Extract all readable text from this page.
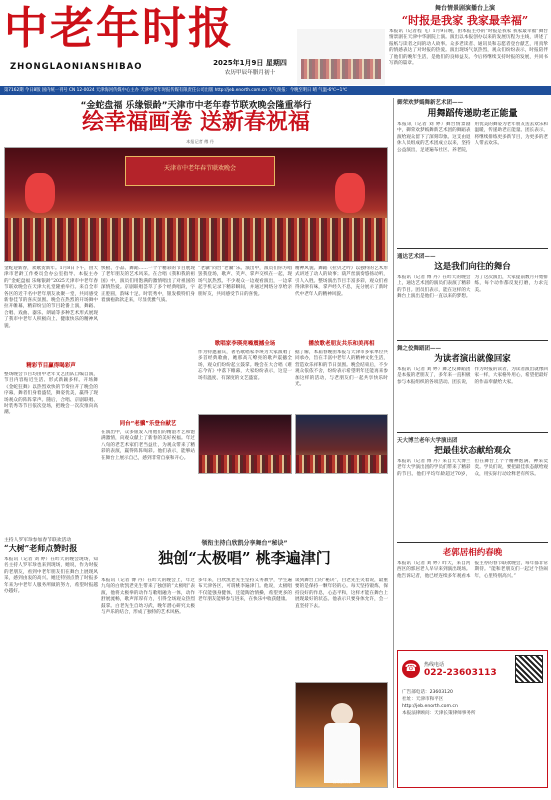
中老年时报
ZHONGLAONIANSHIBAO	2025年1月9日 星期四
农历甲辰年腊月初十
舞台情景剧演播台上演
“时报是我家 我家最幸福”
本报讯（记者程 飞）1月9日晚，由本报主办的“时报是我家 我家最幸福”舞台情景剧在天津中华剧院上演。演出以本报创办以来的发展历程为主线，讲述了报纸与读者之间的动人故事。众多老读者、通讯员和志愿者登台献艺，用真挚的情感表达了对时报的热爱。演出现场气氛热烈，观众们纷纷表示，时报陪伴了他们的晚年生活，是他们的良师益友。今后将继续支持时报的发展，共同书写新的篇章。
第7162期 今日8版 国内统一刊号 CN 12-0024 天津海河传媒中心主办 天津中老年时报传媒有限责任公司出版 http://jeb.enorth.com.cn 天气预报：今晚至明日 晴 气温-6℃~1℃
“金蛇盘福 乐缘银龄”天津市中老年春节联欢晚会隆重举行
绘幸福画卷 送新春祝福
本报记者 傅 丹
天津市中老年春节联欢晚会
金蛇迎新春，欢歌贺新年。1月8日下午，由天津市老龄工作委员会办公室指导、本报主办的“金蛇盘福 乐缘银龄”2025天津市中老年春节联欢晚会在天津大礼堂隆重举行。来自全市各区的近千名中老年朋友欢聚一堂，共同感受新春佳节的喜庆氛围。晚会在热烈的开场舞中拉开帷幕，精彩纷呈的节目轮番上演，舞蹈、合唱、戏曲、器乐、朗诵等多种艺术形式展现了我市中老年人积极向上、健康快乐的精神风貌。
精彩节目赢得喝彩声
整场晚会节目均由中老年文艺团队自编自演，节目内容贴近生活、形式新颖多样。开场舞《金蛇狂舞》以热烈欢快的节奏拉开了晚会的序幕，舞者们身着盛装，舞姿优美，赢得了现场观众的阵阵掌声。随后，合唱、京剧联唱、时装秀等节目依次登场，把晚会一次次推向高潮。
快板、小品、舞蹈……一个个精彩的节目展现了老年朋友的艺术风采。在合唱《我和我的祖国》中，演员们用饱满的激情唱出了对祖国的深情热爱。京剧联唱荟萃了多个经典唱段，字正腔圆，韵味十足。时装秀中，银发模特们身着旗袍款款走来，尽显优雅气质。
同台“老骥”乐登台献艺
在演出中，众多银发人用他们的精湛才艺和饱满激情，向观众献上了新春的美好祝福。年过八旬的老艺术家们老当益壮，为观众带来了精彩的表演，赢得阵阵喝彩。他们表示，能够站在舞台上展示自己，感到非常自豪和开心。
“老骥”同台“老骥”乐。演出中，演员们你方唱罢我登场，歌声、笑声、掌声交织在一起，现场气氛热烈。不少观众一边观看演出，一边拿起手机记录下精彩瞬间，并通过网络分享给亲朋好友，共同感受节日的喜悦。
歌唱家李瑛亮嗓震撼全场
作为特邀嘉宾，著名歌唱家李瑛为大家演唱了多首经典歌曲，她那高亢嘹亮的歌声震撼全场，观众们纷纷起立鼓掌。晚会在大合唱《难忘今宵》中落下帷幕，大家纷纷表示，这是一场有温度、有深度的文艺盛宴。
精神风貌。舞蹈《拉贝之吟》以独特的艺术形式讲述了动人的故事；葫芦丝演奏悠扬动听，引人入胜。整场演出节目丰富多彩，观众们看得津津有味，掌声经久不息，充分展示了新时代中老年人的精神风貌。
播放歌老朋友共乐和美再相
据了解，本届春晚由本报与天津市多家单位共同承办，旨在丰富中老年人的精神文化生活，营造欢乐祥和的节日氛围。晚会结束后，不少观众依依不舍，纷纷表示希望明年还能再来参加这样的活动，与老朋友们一起共享快乐时光。
主持人罗军珍参加春节联欢活动
“大树”老师点赞时报
本报讯（记者 刘 婷）在昨天的晚会现场，知名主持人罗军珍也来到现场，她说，作为时报的老朋友，看到中老年朋友们在舞台上展现风采，感到由衷的高兴。她还特别点赞了时报多年来为中老年人服务所做的努力，希望时报越办越好。
领衔主持白欣凯分享舞台“秘诀”
独创“太极唱” 桃李遍津门
本报讯（记者 傅 丹）在昨天的晚会上，年过九旬的白欣凯老先生带来了独创的“太极唱”表演，他将太极拳的动作与歌唱融为一体，动作舒展流畅，歌声浑厚有力，引得全场观众热烈鼓掌。白老先生自幼习武，晚年潜心研究太极与声乐的结合，形成了独特的艺术风格。
多年来，白欣凯老先生坚持义务教学，学生遍布天津各区，可谓桃李遍津门。他说，太极唱不仅能强身健体，还能陶冶情操，希望更多的老年朋友能够参与进来，在快乐中收获健康。
谈到舞台上的“秘诀”，白老先生笑着说，最重要的是保持一颗年轻的心。每天坚持锻炼，保持良好的作息，心态平和，这样才能在舞台上展现最好的状态。他表示只要身体允许，会一直坚持下去。
白欣凯表演
御荣欢梦嫣舞新艺术团——
用舞蹈传递助老正能量
本报讯（记者 刘 婷）舞台情景剧中，御荣欢梦嫣舞新艺术团的舞蹈表演给观众留下了深刻印象。这支由退休人员组成的艺术团成立以来，坚持公益演出，足迹遍布社区、养老院，用优美的舞姿为老年朋友送去欢乐和温暖，传递助老正能量。团长表示，将继续排练更多新节目，为更多的老人带去欢乐。
通达艺术团——
这是我们向往的舞台
本报讯（记者 傅 丹）在昨天的晚会上，通达艺术团的演员们表演了精彩的节目。团员们表示，能在这样的大舞台上演出是他们一直以来的梦想。为了这次演出，大家提前数月开始排练，每个动作都反复打磨，力求完美。
舞之佼舞蹈团——
为读者演出就像回家
本报讯（记者 刘 婷）舞之佼舞蹈团是本报的老朋友了，多年来一直积极参与本报组织的各项活动。团长说，作为时报的读者，为读者演出就像回家一样，大家格外用心，希望把最好的作品奉献给大家。
天大博兰老年大学演出团
把最佳状态献给观众
本报讯（记者 傅 丹）来自天大博兰老年大学演出团的学员们带来了精彩的节目。他们平均年龄超过70岁，但在舞台上个个精神饱满、神采奕奕。学员们说，要把最佳状态献给观众，用实际行动诠释老有所乐。
老郭居相约春晚
本报讯（记者 刘 婷）昨天，来自河西区的郭居老人早早来到演出现场。他告诉记者，他已经连续多年观看本报主办的春节联欢晚会，每年都非常期待。“能和老朋友们一起过个热闹年，心里特别高兴。”
☎	热线电话
022-23603113
广告部电话：23603120
社址：天津市和平区
http://jeb.enorth.com.cn
本报法律顾问：天津长策律师事务所
